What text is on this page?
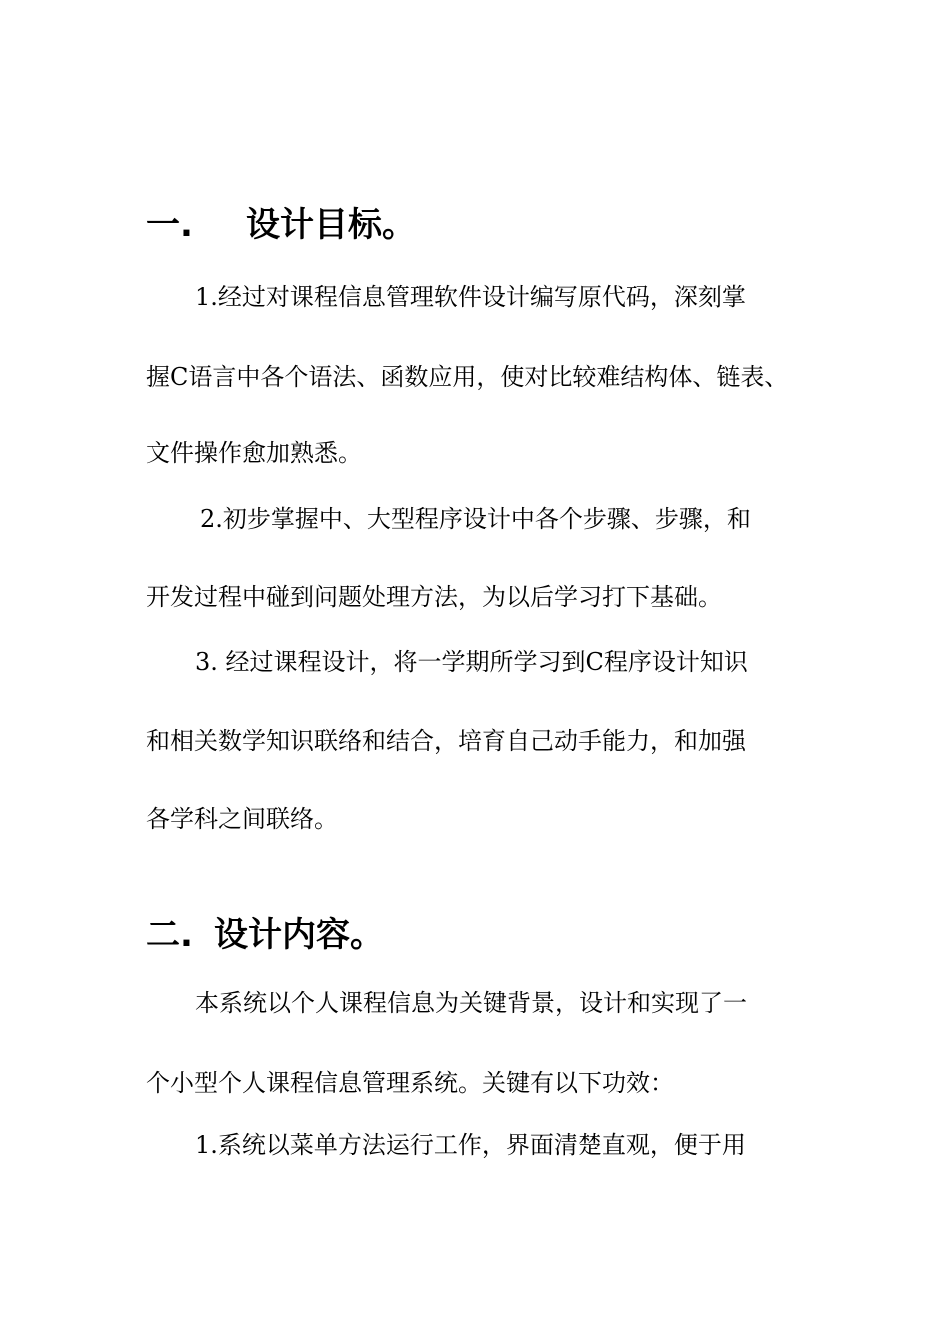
一. 设计目标。

1.经过对课程信息管理软件设计编写原代码，深刻掌

握C语言中各个语法、函数应用，使对比较难结构体、链表、

文件操作愈加熟悉。

2.初步掌握中、大型程序设计中各个步骤、步骤，和

开发过程中碰到问题处理方法，为以后学习打下基础。

3. 经过课程设计，将一学期所学习到C程序设计知识

和相关数学知识联络和结合，培育自己动手能力，和加强

各学科之间联络。

二. 设计内容。

本系统以个人课程信息为关键背景，设计和实现了一

个小型个人课程信息管理系统。关键有以下功效：

1.系统以菜单方法运行工作，界面清楚直观，便于用
